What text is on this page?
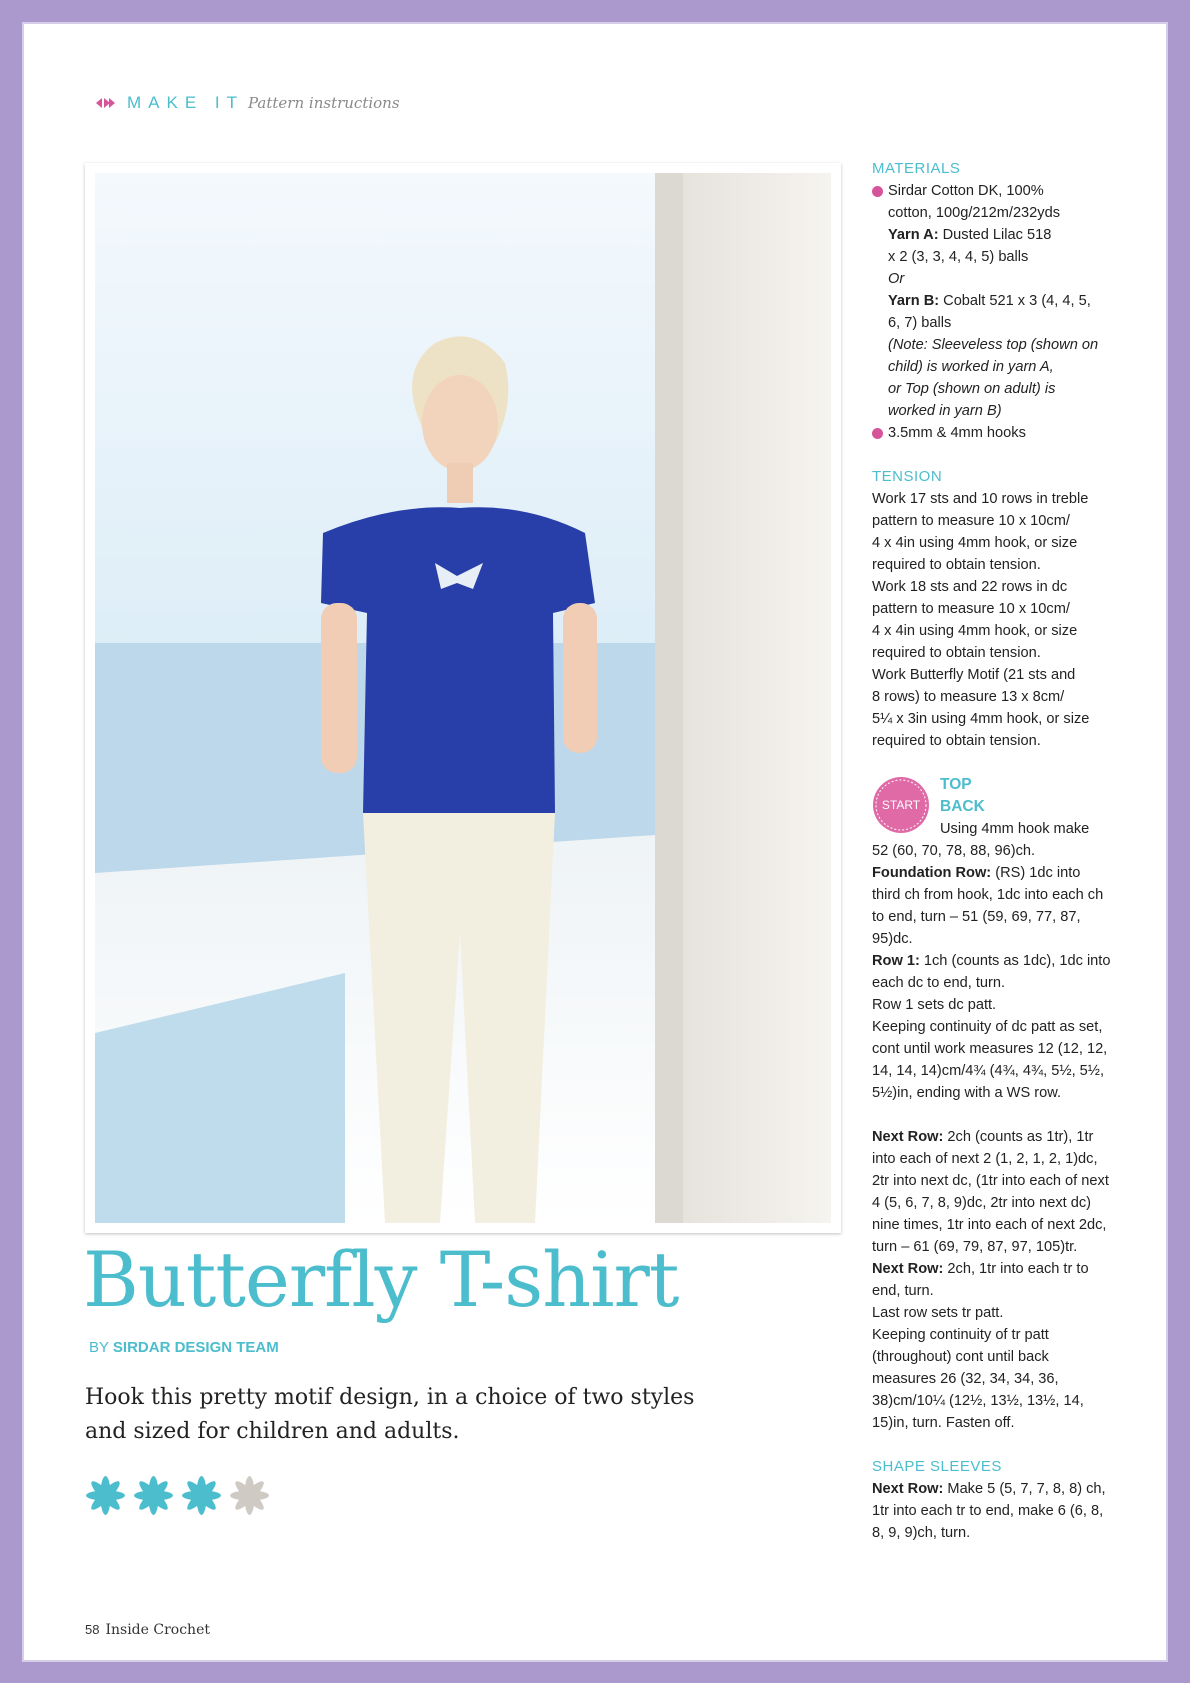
MAKE IT Pattern instructions
Butterfly T-shirt
BY SIRDAR DESIGN TEAM
Hook this pretty motif design, in a choice of two styles and sized for children and adults.
58 Inside Crochet
MATERIALS
Sirdar Cotton DK, 100%
cotton, 100g/212m/232yds
Yarn A: Dusted Lilac 518
x 2 (3, 3, 4, 4, 5) balls
Or
Yarn B: Cobalt 521 x 3 (4, 4, 5,
6, 7) balls
(Note: Sleeveless top (shown on
child) is worked in yarn A,
or Top (shown on adult) is
worked in yarn B)
3.5mm & 4mm hooks
TENSION
Work 17 sts and 10 rows in treble
pattern to measure 10 x 10cm/
4 x 4in using 4mm hook, or size
required to obtain tension.
Work 18 sts and 22 rows in dc
pattern to measure 10 x 10cm/
4 x 4in using 4mm hook, or size
required to obtain tension.
Work Butterfly Motif (21 sts and
8 rows) to measure 13 x 8cm/
5¼ x 3in using 4mm hook, or size
required to obtain tension.
START
TOP
BACK
Using 4mm hook make

52 (60, 70, 78, 88, 96)ch.

Foundation Row: (RS) 1dc into third ch from hook, 1dc into each ch to end, turn – 51 (59, 69, 77, 87, 95)dc.

Row 1: 1ch (counts as 1dc), 1dc into each dc to end, turn.

Row 1 sets dc patt.

Keeping continuity of dc patt as set, cont until work measures 12 (12, 12, 14, 14, 14)cm/4¾ (4¾, 4¾, 5½, 5½, 5½)in, ending with a WS row.

Next Row: 2ch (counts as 1tr), 1tr into each of next 2 (1, 2, 1, 2, 1)dc, 2tr into next dc, (1tr into each of next 4 (5, 6, 7, 8, 9)dc, 2tr into next dc) nine times, 1tr into each of next 2dc, turn – 61 (69, 79, 87, 97, 105)tr.

Next Row: 2ch, 1tr into each tr to end, turn.

Last row sets tr patt.

Keeping continuity of tr patt (throughout) cont until back measures 26 (32, 34, 34, 36, 38)cm/10¼ (12½, 13½, 13½, 14, 15)in, turn. Fasten off.

SHAPE SLEEVES

Next Row: Make 5 (5, 7, 7, 8, 8) ch, 1tr into each tr to end, make 6 (6, 8, 8, 9, 9)ch, turn.
